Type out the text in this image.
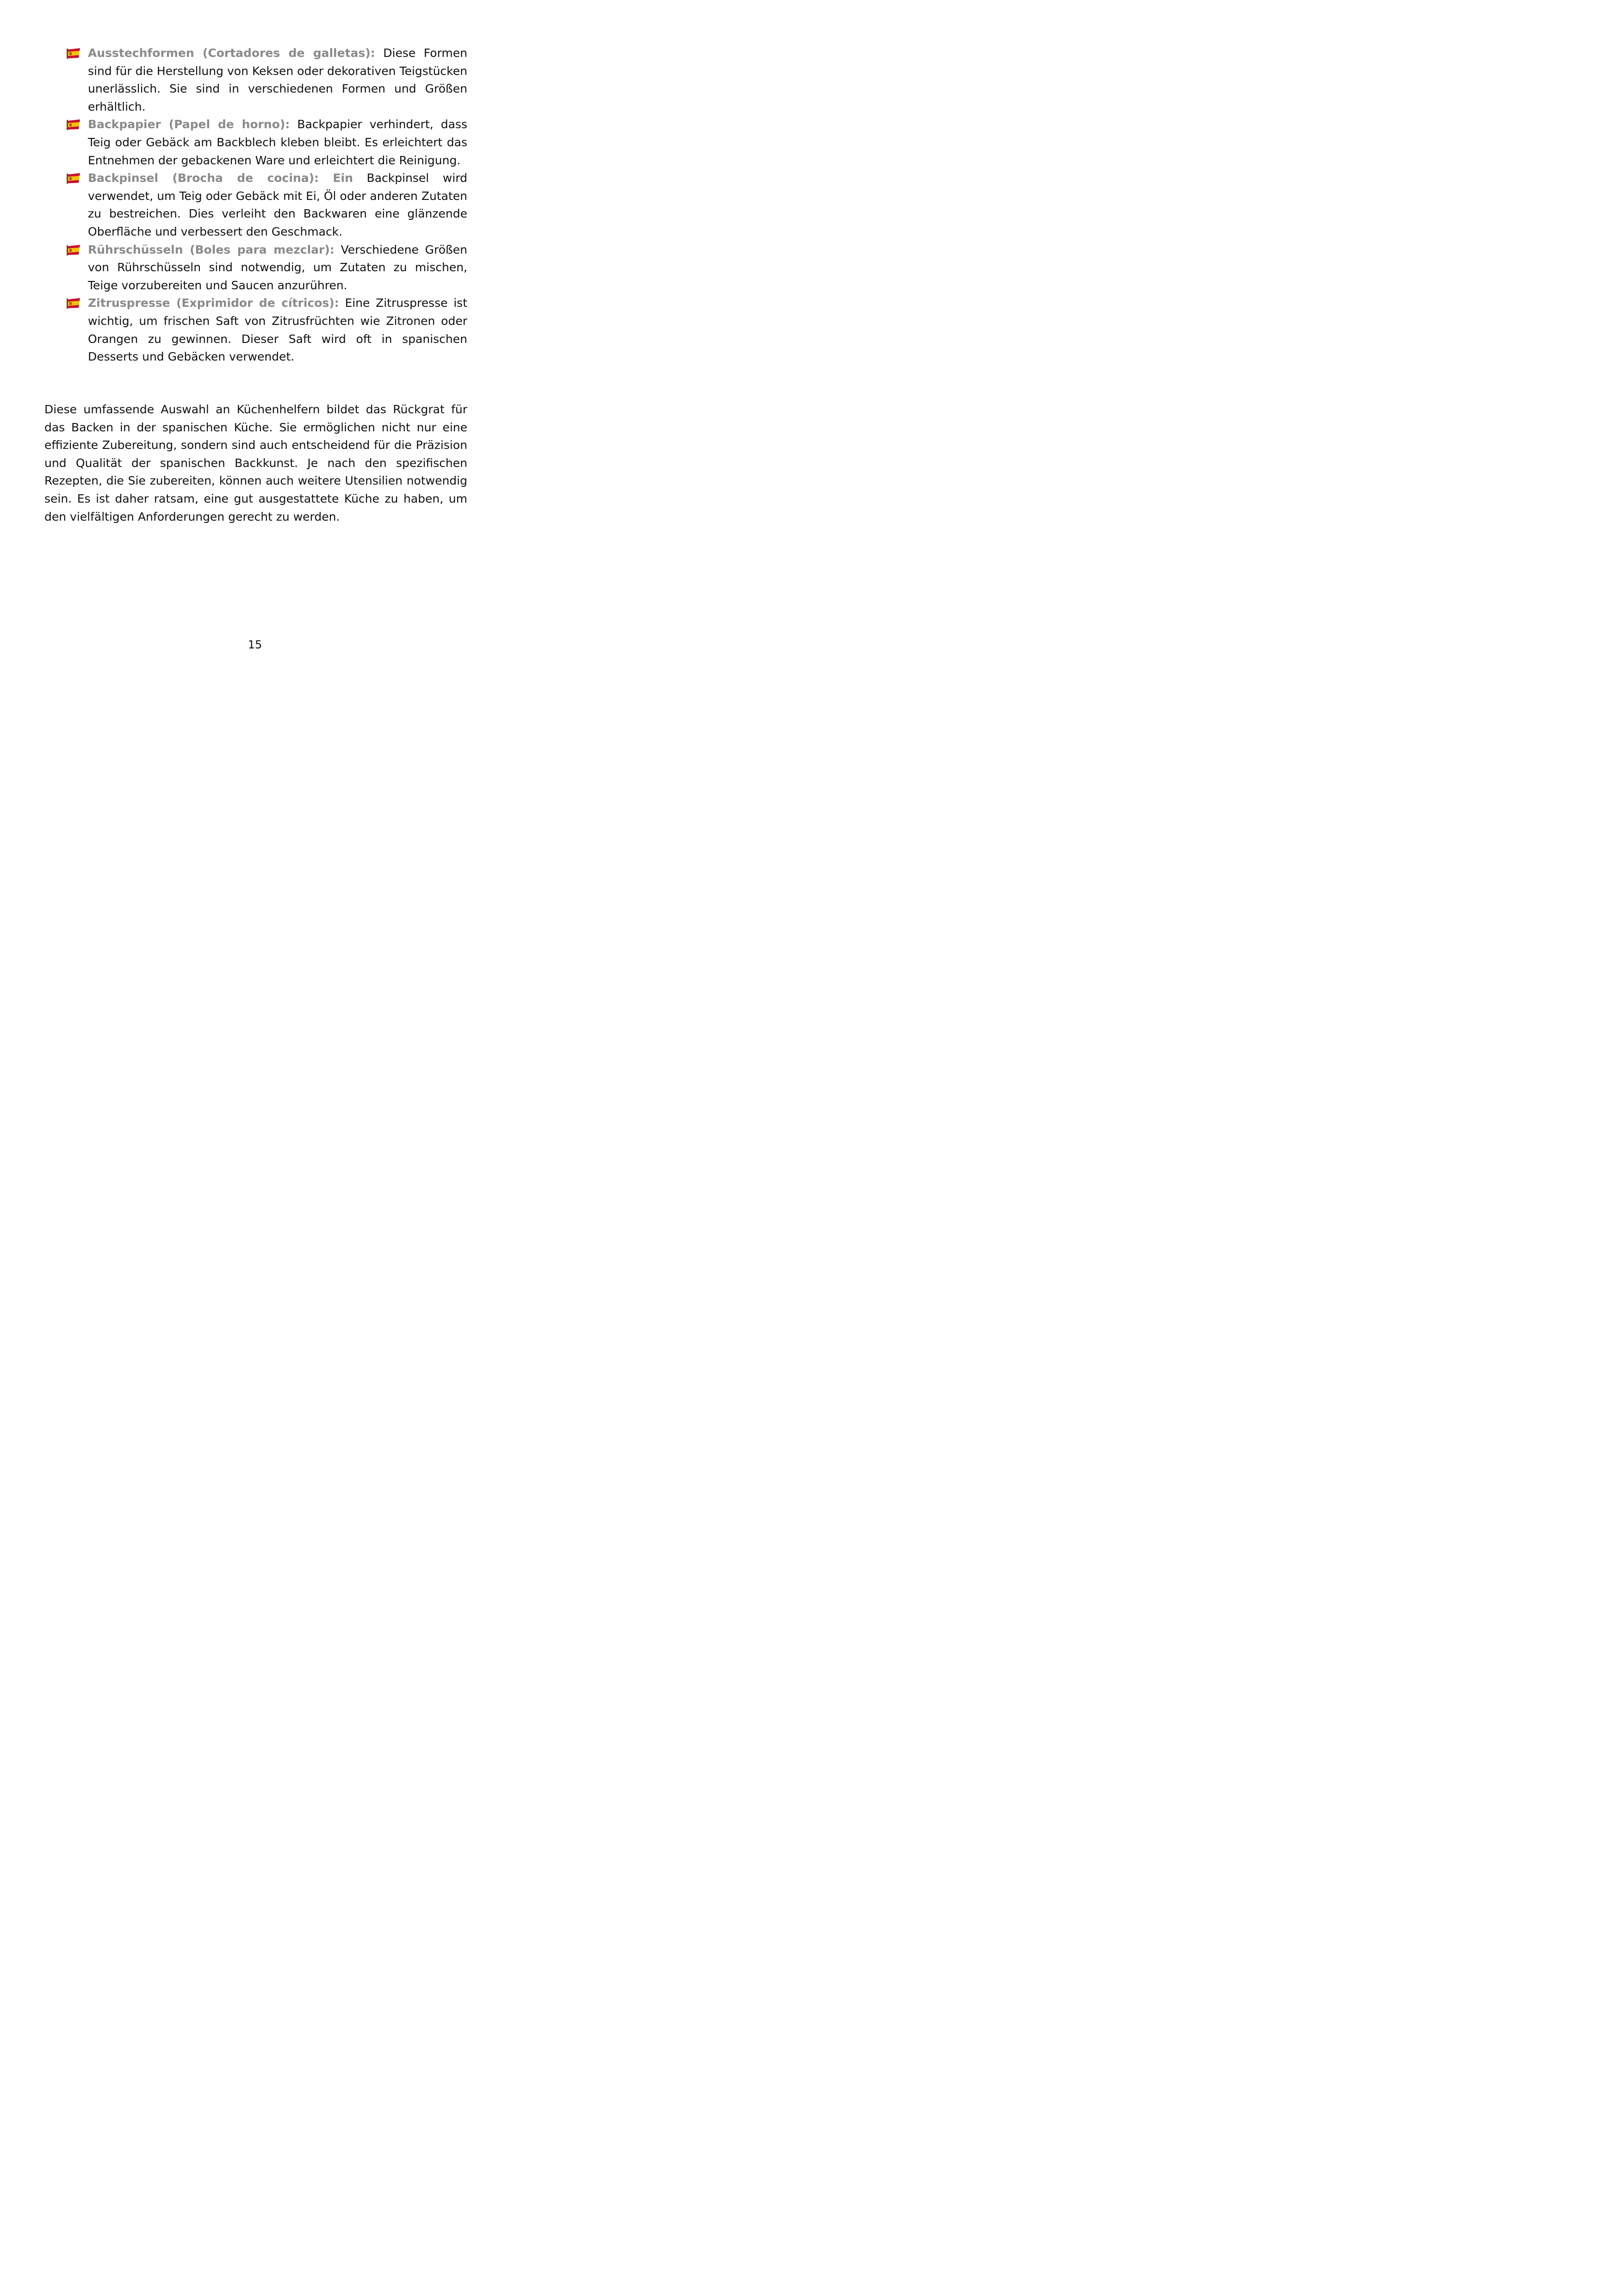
Ausstechformen (Cortadores de galletas): Diese Formen sind für die Herstellung von Keksen oder dekorativen Teigstücken unerlässlich. Sie sind in verschiedenen Formen und Größen erhältlich.
Backpapier (Papel de horno): Backpapier verhindert, dass Teig oder Gebäck am Backblech kleben bleibt. Es erleichtert das Entnehmen der gebackenen Ware und erleichtert die Reinigung.
Backpinsel (Brocha de cocina): Ein Backpinsel wird verwendet, um Teig oder Gebäck mit Ei, Öl oder anderen Zutaten zu bestreichen. Dies verleiht den Backwaren eine glänzende Oberfläche und verbessert den Geschmack.
Rührschüsseln (Boles para mezclar): Verschiedene Größen von Rührschüsseln sind notwendig, um Zutaten zu mischen, Teige vorzubereiten und Saucen anzurühren.
Zitruspresse (Exprimidor de cítricos): Eine Zitruspresse ist wichtig, um frischen Saft von Zitrusfrüchten wie Zitronen oder Orangen zu gewinnen. Dieser Saft wird oft in spanischen Desserts und Gebäcken verwendet.

Diese umfassende Auswahl an Küchenhelfern bildet das Rückgrat für das Backen in der spanischen Küche. Sie ermöglichen nicht nur eine effiziente Zubereitung, sondern sind auch entscheidend für die Präzision und Qualität der spanischen Backkunst. Je nach den spezifischen Rezepten, die Sie zubereiten, können auch weitere Utensilien notwendig sein. Es ist daher ratsam, eine gut ausgestattete Küche zu haben, um den vielfältigen Anforderungen gerecht zu werden.

15
